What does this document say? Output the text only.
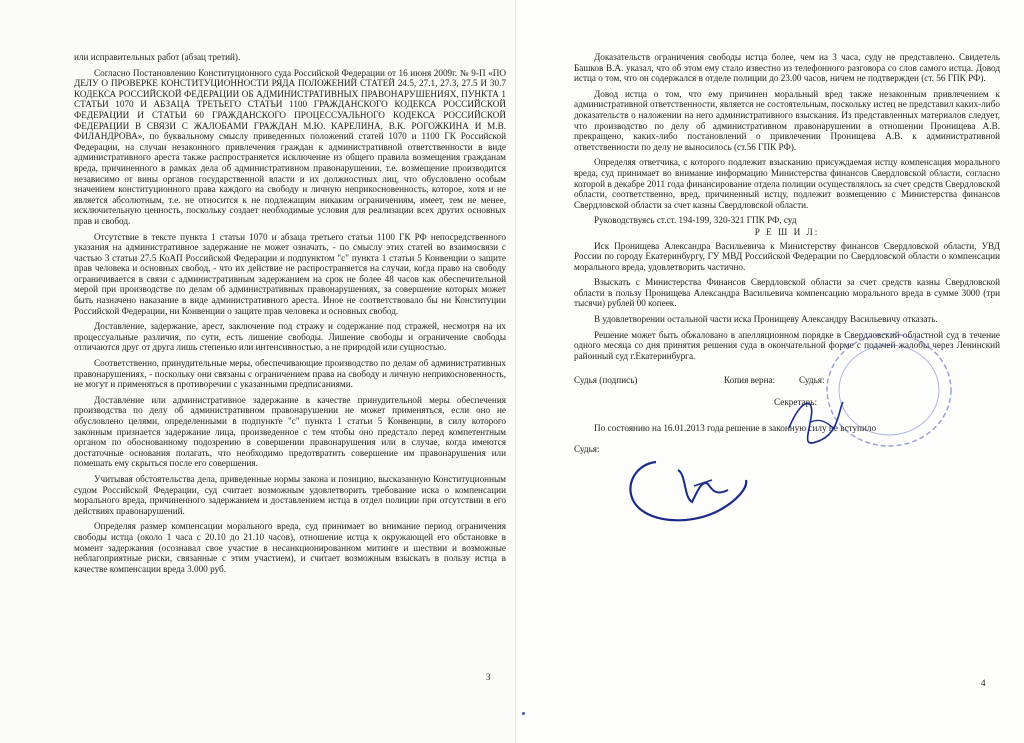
или исправительных работ (абзац третий).

Согласно Постановлению Конституционного суда Российской Федерации от 16 июня 2009г. № 9-П «ПО ДЕЛУ О ПРОВЕРКЕ КОНСТИТУЦИОННОСТИ РЯДА ПОЛОЖЕНИЙ СТАТЕЙ 24.5, 27.1, 27.3, 27.5 И 30.7 КОДЕКСА РОССИЙСКОЙ ФЕДЕРАЦИИ ОБ АДМИНИСТРАТИВНЫХ ПРАВОНАРУШЕНИЯХ, ПУНКТА 1 СТАТЬИ 1070 И АБЗАЦА ТРЕТЬЕГО СТАТЬИ 1100 ГРАЖДАНСКОГО КОДЕКСА РОССИЙСКОЙ ФЕДЕРАЦИИ И СТАТЬИ 60 ГРАЖДАНСКОГО ПРОЦЕССУАЛЬНОГО КОДЕКСА РОССИЙСКОЙ ФЕДЕРАЦИИ В СВЯЗИ С ЖАЛОБАМИ ГРАЖДАН М.Ю. КАРЕЛИНА, В.К. РОГОЖКИНА И М.В. ФИЛАНДРОВА», по буквальному смыслу приведенных положений статей 1070 и 1100 ГК Российской Федерации, на случаи незаконного привлечения граждан к административной ответственности в виде административного ареста также распространяется исключение из общего правила возмещения гражданам вреда, причиненного в рамках дела об административном правонарушении, т.е. возмещение производится независимо от вины органов государственной власти и их должностных лиц, что обусловлено особым значением конституционного права каждого на свободу и личную неприкосновенность, которое, хотя и не является абсолютным, т.е. не относится к не подлежащим никаким ограничениям, имеет, тем не менее, исключительную ценность, поскольку создает необходимые условия для реализации всех других основных прав и свобод.

Отсутствие в тексте пункта 1 статьи 1070 и абзаца третьего статьи 1100 ГК РФ непосредственного указания на административное задержание не может означать, - по смыслу этих статей во взаимосвязи с частью 3 статьи 27.5 КоАП Российской Федерации и подпунктом "с" пункта 1 статьи 5 Конвенции о защите прав человека и основных свобод, - что их действие не распространяется на случаи, когда право на свободу ограничивается в связи с административным задержанием на срок не более 48 часов как обеспечительной мерой при производстве по делам об административных правонарушениях, за совершение которых может быть назначено наказание в виде административного ареста. Иное не соответствовало бы ни Конституции Российской Федерации, ни Конвенции о защите прав человека и основных свобод.

Доставление, задержание, арест, заключение под стражу и содержание под стражей, несмотря на их процессуальные различия, по сути, есть лишение свободы. Лишение свободы и ограничение свободы отличаются друг от друга лишь степенью или интенсивностью, а не природой или сущностью.

Соответственно, принудительные меры, обеспечивающие производство по делам об административных правонарушениях, - поскольку они связаны с ограничением права на свободу и личную неприкосновенность, не могут и применяться в противоречии с указанными предписаниями.

Доставление или административное задержание в качестве принудительной меры обеспечения производства по делу об административном правонарушении не может применяться, если оно не обусловлено целями, определенными в подпункте "с" пункта 1 статьи 5 Конвенции, в силу которого законным признается задержание лица, произведенное с тем чтобы оно предстало перед компетентным органом по обоснованному подозрению в совершении правонарушения или в случае, когда имеются достаточные основания полагать, что необходимо предотвратить совершение им правонарушения или помешать ему скрыться после его совершения.

Учитывая обстоятельства дела, приведенные нормы закона и позицию, высказанную Конституционным судом Российской Федерации, суд считает возможным удовлетворить требование иска о компенсации морального вреда, причиненного задержанием и доставлением истца в отдел полиции при отсутствии в его действиях правонарушений.

Определяя размер компенсации морального вреда, суд принимает во внимание период ограничения свободы истца (около 1 часа с 20.10 до 21.10 часов), отношение истца к окружающей его обстановке в момент задержания (осознавал свое участие в несанкционированном митинге и шествии и возможные неблагоприятные риски, связанные с этим участием), и считает возможным взыскать в пользу истца в качестве компенсации вреда 3.000 руб.

3

Доказательств ограничения свободы истца более, чем на 3 часа, суду не представлено. Свидетель Башков В.А. указал, что об этом ему стало известно из телефонного разговора со слов самого истца. Довод истца о том, что он содержался в отделе полиции до 23.00 часов, ничем не подтвержден (ст. 56 ГПК РФ).

Довод истца о том, что ему причинен моральный вред также незаконным привлечением к административной ответственности, является не состоятельным, поскольку истец не представил каких-либо доказательств о наложении на него административного взыскания. Из представленных материалов следует, что производство по делу об административном правонарушении в отношении Пронищева А.В. прекращено, каких-либо постановлений о привлечении Пронищева А.В. к административной ответственности по делу не выносилось (ст.56 ГПК РФ).

Определяя ответчика, с которого подлежит взысканию присуждаемая истцу компенсация морального вреда, суд принимает во внимание информацию Министерства финансов Свердловской области, согласно которой в декабре 2011 года финансирование отдела полиции осуществлялось за счет средств Свердловской области, соответственно, вред, причиненный истцу, подлежит возмещению с Министерства финансов Свердловской области за счет казны Свердловской области.

Руководствуясь ст.ст. 194-199, 320-321 ГПК РФ, суд

Р Е Ш И Л:

Иск Пронищева Александра Васильевича к Министерству финансов Свердловской области, УВД России по городу Екатеринбургу, ГУ МВД Российской Федерации по Свердловской области о компенсации морального вреда, удовлетворить частично.

Взыскать с Министерства Финансов Свердловской области за счет средств казны Свердловской области в пользу Пронищева Александра Васильевича компенсацию морального вреда в сумме 3000 (три тысячи) рублей 00 копеек.

В удовлетворении остальной части иска Пронищеву Александру Васильевичу отказать.

Решение может быть обжаловано в апелляционном порядке в Свердловский областной суд в течение одного месяца со дня принятия решения суда в окончательной форме с подачей жалобы через Ленинский районный суд г.Екатеринбурга.

Судья (подпись)	Копия верна:	Судья:
Секретарь:

По состоянию на 16.01.2013 года решение в законную силу не вступило

Судья:

4
